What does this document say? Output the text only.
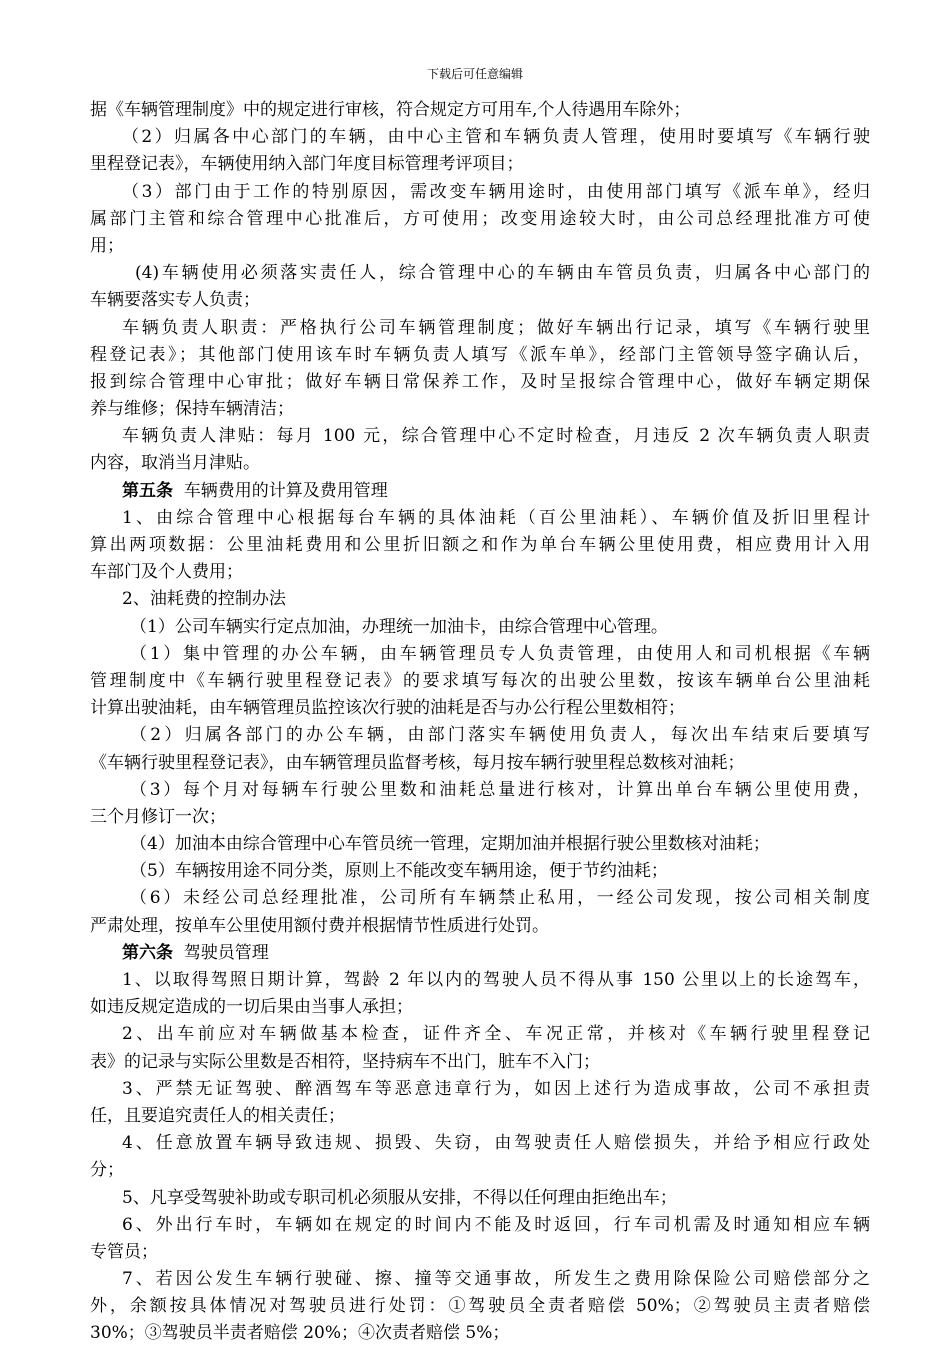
下载后可任意编辑
据《车辆管理制度》中的规定进行审核，符合规定方可用车,个人待遇用车除外；
（2）归属各中心部门的车辆，由中心主管和车辆负责人管理，使用时要填写《车辆行驶
里程登记表》，车辆使用纳入部门年度目标管理考评项目；
（3）部门由于工作的特别原因，需改变车辆用途时，由使用部门填写《派车单》，经归
属部门主管和综合管理中心批准后，方可使用；改变用途较大时，由公司总经理批准方可使
用；
(4)车辆使用必须落实责任人，综合管理中心的车辆由车管员负责，归属各中心部门的
车辆要落实专人负责；
车辆负责人职责：严格执行公司车辆管理制度；做好车辆出行记录，填写《车辆行驶里
程登记表》；其他部门使用该车时车辆负责人填写《派车单》，经部门主管领导签字确认后，
报到综合管理中心审批；做好车辆日常保养工作，及时呈报综合管理中心，做好车辆定期保
养与维修；保持车辆清洁；
车辆负责人津贴：每月 100 元，综合管理中心不定时检查，月违反 2 次车辆负责人职责
内容，取消当月津贴。
第五条 车辆费用的计算及费用管理
1、由综合管理中心根据每台车辆的具体油耗（百公里油耗）、车辆价值及折旧里程计
算出两项数据：公里油耗费用和公里折旧额之和作为单台车辆公里使用费，相应费用计入用
车部门及个人费用；
2、油耗费的控制办法
（1）公司车辆实行定点加油，办理统一加油卡，由综合管理中心管理。
（1）集中管理的办公车辆，由车辆管理员专人负责管理，由使用人和司机根据《车辆
管理制度中《车辆行驶里程登记表》的要求填写每次的出驶公里数，按该车辆单台公里油耗
计算出驶油耗，由车辆管理员监控该次行驶的油耗是否与办公行程公里数相符；
（2）归属各部门的办公车辆，由部门落实车辆使用负责人，每次出车结束后要填写
《车辆行驶里程登记表》，由车辆管理员监督考核，每月按车辆行驶里程总数核对油耗；
（3）每个月对每辆车行驶公里数和油耗总量进行核对，计算出单台车辆公里使用费，
三个月修订一次；
（4）加油本由综合管理中心车管员统一管理，定期加油并根据行驶公里数核对油耗；
（5）车辆按用途不同分类，原则上不能改变车辆用途，便于节约油耗；
（6）未经公司总经理批准，公司所有车辆禁止私用，一经公司发现，按公司相关制度
严肃处理，按单车公里使用额付费并根据情节性质进行处罚。
第六条 驾驶员管理
1、以取得驾照日期计算，驾龄 2 年以内的驾驶人员不得从事 150 公里以上的长途驾车，
如违反规定造成的一切后果由当事人承担；
2、出车前应对车辆做基本检查，证件齐全、车况正常，并核对《车辆行驶里程登记
表》的记录与实际公里数是否相符，坚持病车不出门，脏车不入门；
3、严禁无证驾驶、醉酒驾车等恶意违章行为，如因上述行为造成事故，公司不承担责
任，且要追究责任人的相关责任；
4、任意放置车辆导致违规、损毁、失窃，由驾驶责任人赔偿损失，并给予相应行政处
分；
5、凡享受驾驶补助或专职司机必须服从安排，不得以任何理由拒绝出车；
6、外出行车时，车辆如在规定的时间内不能及时返回，行车司机需及时通知相应车辆
专管员；
7、若因公发生车辆行驶碰、擦、撞等交通事故，所发生之费用除保险公司赔偿部分之
外，余额按具体情况对驾驶员进行处罚：①驾驶员全责者赔偿 50%；②驾驶员主责者赔偿
30%；③驾驶员半责者赔偿 20%；④次责者赔偿 5%；
